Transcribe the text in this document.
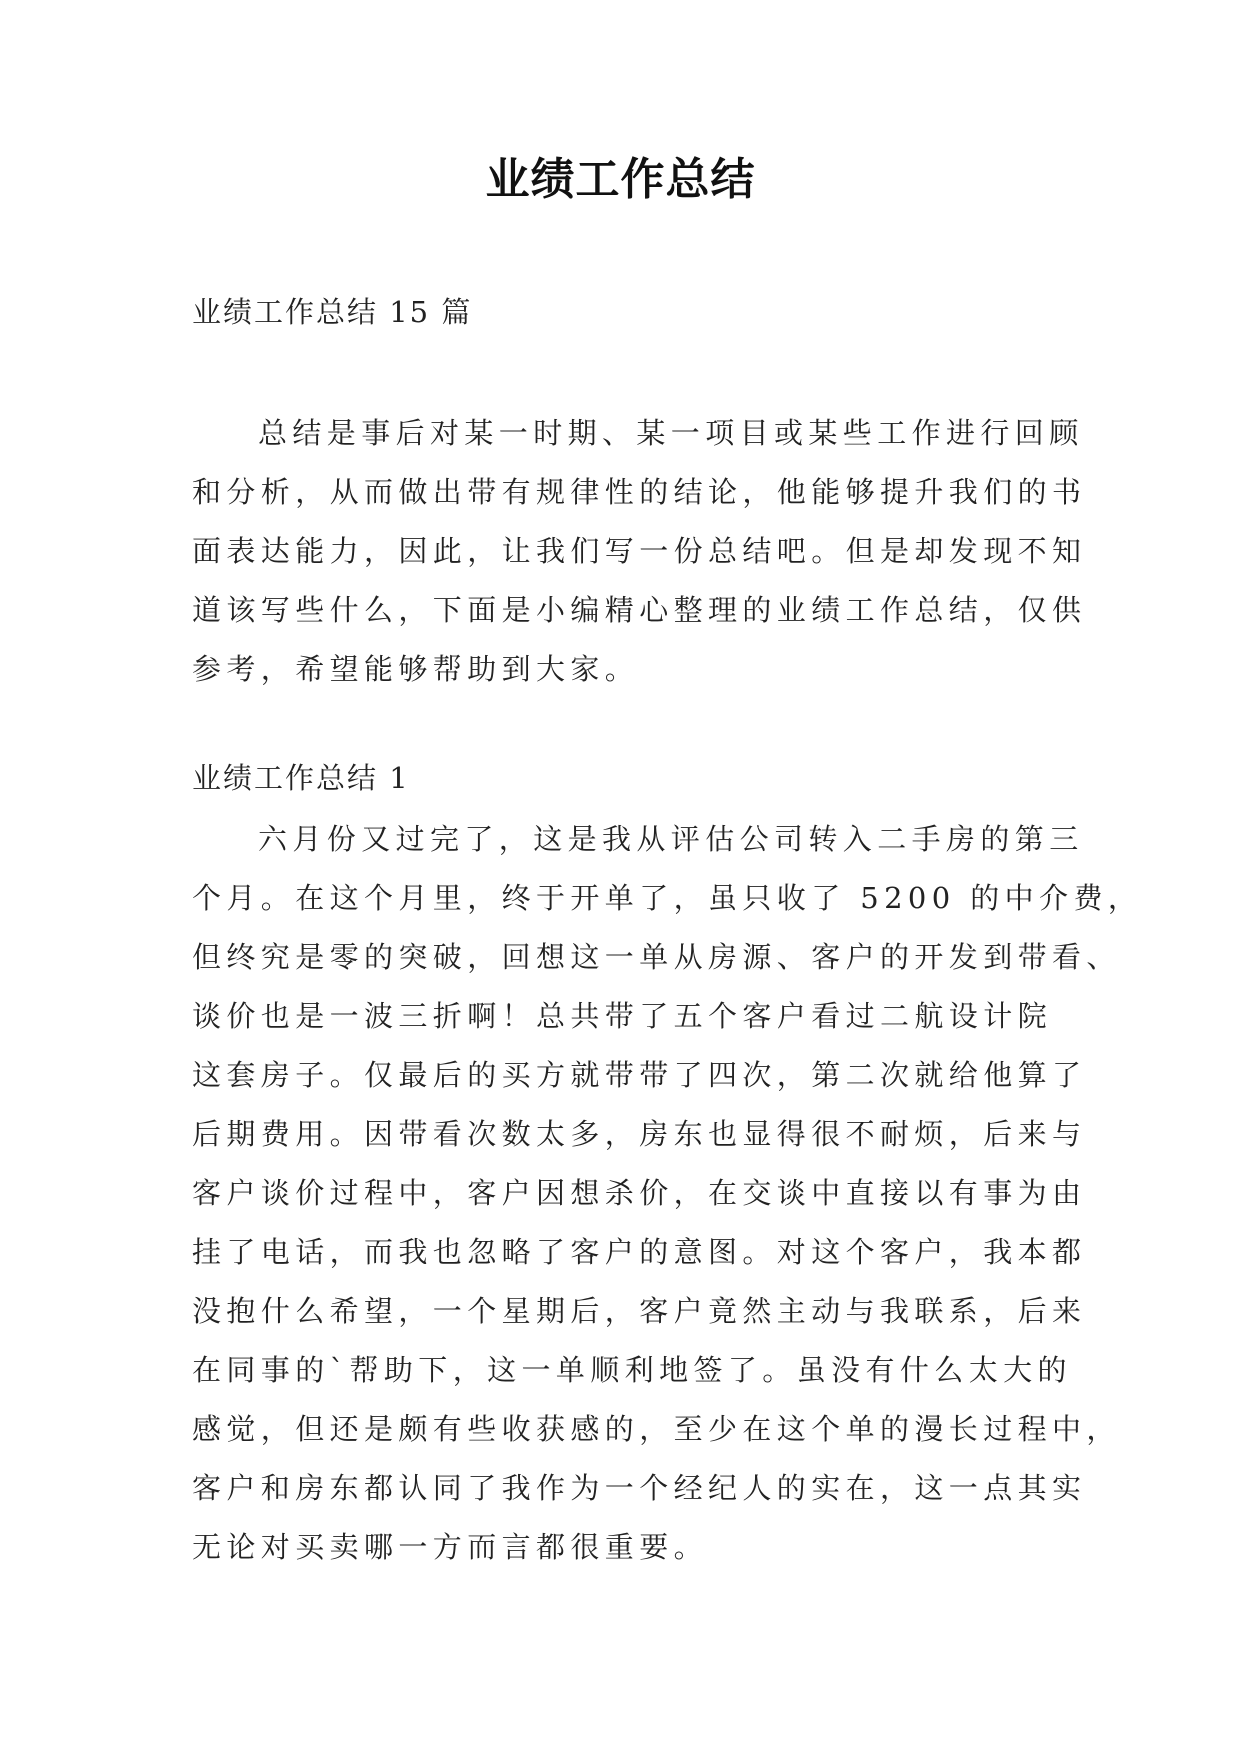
业绩工作总结
业绩工作总结 15 篇
总结是事后对某一时期、某一项目或某些工作进行回顾
和分析，从而做出带有规律性的结论，他能够提升我们的书
面表达能力，因此，让我们写一份总结吧。但是却发现不知
道该写些什么，下面是小编精心整理的业绩工作总结，仅供
参考，希望能够帮助到大家。
业绩工作总结 1
六月份又过完了，这是我从评估公司转入二手房的第三
个月。在这个月里，终于开单了，虽只收了 5200 的中介费，
但终究是零的突破，回想这一单从房源、客户的开发到带看、
谈价也是一波三折啊！总共带了五个客户看过二航设计院
这套房子。仅最后的买方就带带了四次，第二次就给他算了
后期费用。因带看次数太多，房东也显得很不耐烦，后来与
客户谈价过程中，客户因想杀价，在交谈中直接以有事为由
挂了电话，而我也忽略了客户的意图。对这个客户，我本都
没抱什么希望，一个星期后，客户竟然主动与我联系，后来
在同事的`帮助下，这一单顺利地签了。虽没有什么太大的
感觉，但还是颇有些收获感的，至少在这个单的漫长过程中，
客户和房东都认同了我作为一个经纪人的实在，这一点其实
无论对买卖哪一方而言都很重要。
